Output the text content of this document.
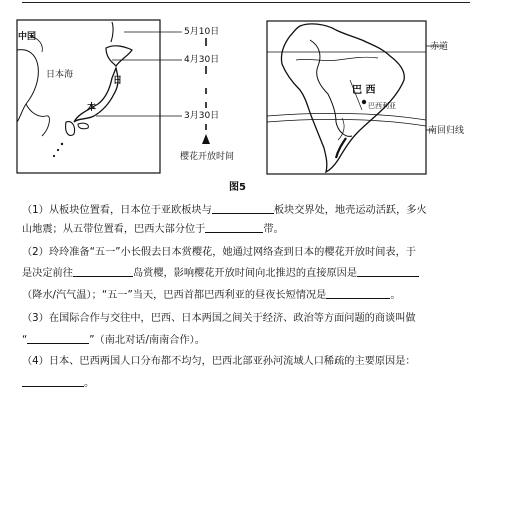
中国
日本海
日
本
5月10日
4月30日
3月30日
樱花开放时间
赤道
巴 西
巴西利亚
南回归线
图5
（1）从板块位置看，日本位于亚欧板块与	板块交界处，地壳运动活跃，多火
山地震；从五带位置看，巴西大部分位于	带。
（2）玲玲准备“五一”小长假去日本赏樱花，她通过网络查到日本的樱花开放时间表，于
是决定前往	岛赏樱，影响樱花开放时间向北推迟的直接原因是
（降水/汽气温）；“五一”当天，巴西首都巴西利亚的昼夜长短情况是	。
（3）在国际合作与交往中，巴西、日本两国之间关于经济、政治等方面问题的商谈叫做
“	”（南北对话/南南合作）。
（4）日本、巴西两国人口分布都不均匀，巴西北部亚孙河流域人口稀疏的主要原因是：
。
